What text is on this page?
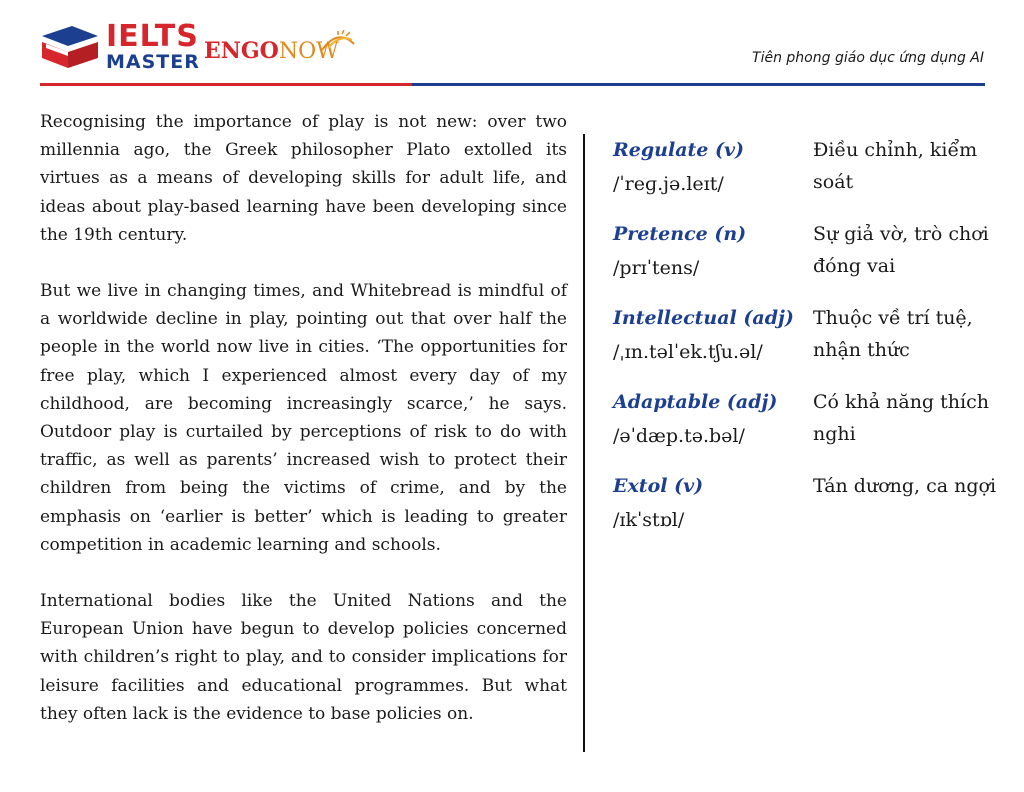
IELTS
MASTER ENGONOW	Tiên phong giáo dục ứng dụng AI

Recognising the importance of play is not new: over two millennia ago, the Greek philosopher Plato extolled its virtues as a means of developing skills for adult life, and ideas about play-based learning have been developing since the 19th century.

But we live in changing times, and Whitebread is mindful of a worldwide decline in play, pointing out that over half the people in the world now live in cities. ‘The opportunities for free play, which I experienced almost every day of my childhood, are becoming increasingly scarce,’ he says. Outdoor play is curtailed by perceptions of risk to do with traffic, as well as parents’ increased wish to protect their children from being the victims of crime, and by the emphasis on ‘earlier is better’ which is leading to greater competition in academic learning and schools.

International bodies like the United Nations and the European Union have begun to develop policies concerned with children’s right to play, and to consider implications for leisure facilities and educational programmes. But what they often lack is the evidence to base policies on.

Regulate (v)
/ˈreɡ.jə.leɪt/
Điều chỉnh, kiểm soát
Pretence (n)
/prɪˈtens/
Sự giả vờ, trò chơi đóng vai
Intellectual (adj)
/ˌɪn.təlˈek.tʃu.əl/
Thuộc về trí tuệ, nhận thức
Adaptable (adj)
/əˈdæp.tə.bəl/
Có khả năng thích nghi
Extol (v)
/ɪkˈstɒl/
Tán dương, ca ngợi
